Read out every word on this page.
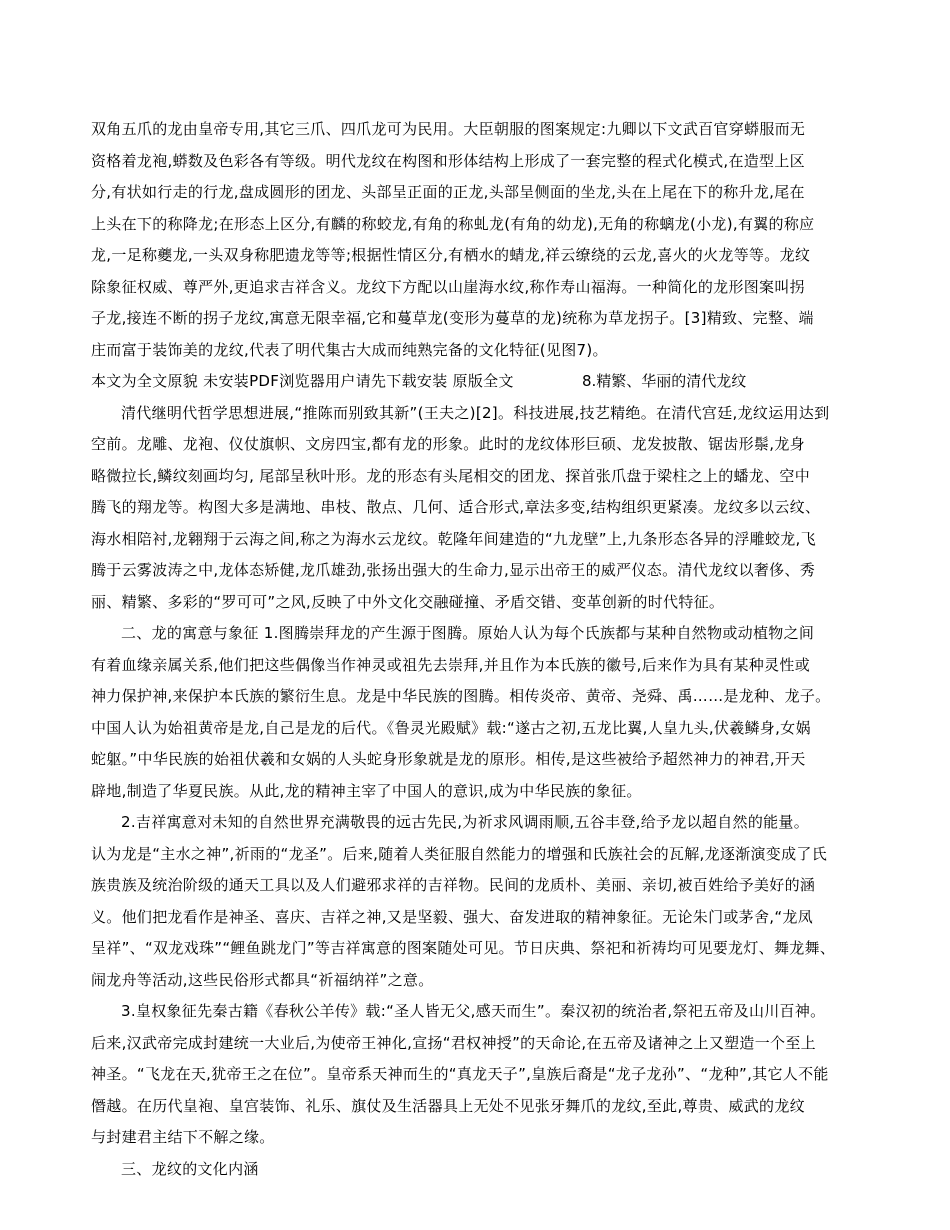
双角五爪的龙由皇帝专用,其它三爪、四爪龙可为民用。大臣朝服的图案规定:九卿以下文武百官穿蟒服而无
资格着龙袍,蟒数及色彩各有等级。明代龙纹在构图和形体结构上形成了一套完整的程式化模式,在造型上区
分,有状如行走的行龙,盘成圆形的团龙、头部呈正面的正龙,头部呈侧面的坐龙,头在上尾在下的称升龙,尾在
上头在下的称降龙;在形态上区分,有麟的称蛟龙,有角的称虬龙(有角的幼龙),无角的称螭龙(小龙),有翼的称应
龙,一足称夔龙,一头双身称肥遗龙等等;根据性情区分,有栖水的蜻龙,祥云缭绕的云龙,喜火的火龙等等。龙纹
除象征权威、尊严外,更追求吉祥含义。龙纹下方配以山崖海水纹,称作寿山福海。一种简化的龙形图案叫拐
子龙,接连不断的拐子龙纹,寓意无限幸福,它和蔓草龙(变形为蔓草的龙)统称为草龙拐子。[3]精致、完整、端
庄而富于装饰美的龙纹,代表了明代集古大成而纯熟完备的文化特征(见图7)。
本文为全文原貌 未安装PDF浏览器用户请先下载安装 原版全文	8.精繁、华丽的清代龙纹
清代继明代哲学思想进展,“推陈而别致其新”(王夫之)[2]。科技进展,技艺精绝。在清代宫廷,龙纹运用达到
空前。龙雕、龙袍、仪仗旗帜、文房四宝,都有龙的形象。此时的龙纹体形巨硕、龙发披散、锯齿形鬃,龙身
略微拉长,鳞纹刻画均匀, 尾部呈秋叶形。龙的形态有头尾相交的团龙、探首张爪盘于梁柱之上的蟠龙、空中
腾飞的翔龙等。构图大多是满地、串枝、散点、几何、适合形式,章法多变,结构组织更紧凑。龙纹多以云纹、
海水相陪衬,龙翱翔于云海之间,称之为海水云龙纹。乾隆年间建造的“九龙壁”上,九条形态各异的浮雕蛟龙,飞
腾于云雾波涛之中,龙体态矫健,龙爪雄劲,张扬出强大的生命力,显示出帝王的威严仪态。清代龙纹以奢侈、秀
丽、精繁、多彩的“罗可可”之风,反映了中外文化交融碰撞、矛盾交错、变革创新的时代特征。
二、龙的寓意与象征 1.图腾崇拜龙的产生源于图腾。原始人认为每个氏族都与某种自然物或动植物之间
有着血缘亲属关系,他们把这些偶像当作神灵或祖先去崇拜,并且作为本氏族的徽号,后来作为具有某种灵性或
神力保护神,来保护本氏族的繁衍生息。龙是中华民族的图腾。相传炎帝、黄帝、尧舜、禹……是龙种、龙子。
中国人认为始祖黄帝是龙,自己是龙的后代。《鲁灵光殿赋》载:“遂古之初,五龙比翼,人皇九头,伏羲鳞身,女娲
蛇躯。”中华民族的始祖伏羲和女娲的人头蛇身形象就是龙的原形。相传,是这些被给予超然神力的神君,开天
辟地,制造了华夏民族。从此,龙的精神主宰了中国人的意识,成为中华民族的象征。
2.吉祥寓意对未知的自然世界充满敬畏的远古先民,为祈求风调雨顺,五谷丰登,给予龙以超自然的能量。
认为龙是“主水之神”,祈雨的“龙圣”。后来,随着人类征服自然能力的增强和氏族社会的瓦解,龙逐渐演变成了氏
族贵族及统治阶级的通天工具以及人们避邪求祥的吉祥物。民间的龙质朴、美丽、亲切,被百姓给予美好的涵
义。他们把龙看作是神圣、喜庆、吉祥之神,又是坚毅、强大、奋发进取的精神象征。无论朱门或茅舍,“龙凤
呈祥”、“双龙戏珠”“鲤鱼跳龙门”等吉祥寓意的图案随处可见。节日庆典、祭祀和祈祷均可见要龙灯、舞龙舞、
闹龙舟等活动,这些民俗形式都具“祈福纳祥”之意。
3.皇权象征先秦古籍《春秋公羊传》载:“圣人皆无父,感天而生”。秦汉初的统治者,祭祀五帝及山川百神。
后来,汉武帝完成封建统一大业后,为使帝王神化,宣扬“君权神授”的天命论,在五帝及诸神之上又塑造一个至上
神圣。“飞龙在天,犹帝王之在位”。皇帝系天神而生的“真龙天子”,皇族后裔是“龙子龙孙”、“龙种”,其它人不能
僭越。在历代皇袍、皇宫装饰、礼乐、旗仗及生活器具上无处不见张牙舞爪的龙纹,至此,尊贵、威武的龙纹
与封建君主结下不解之缘。
三、龙纹的文化内涵
